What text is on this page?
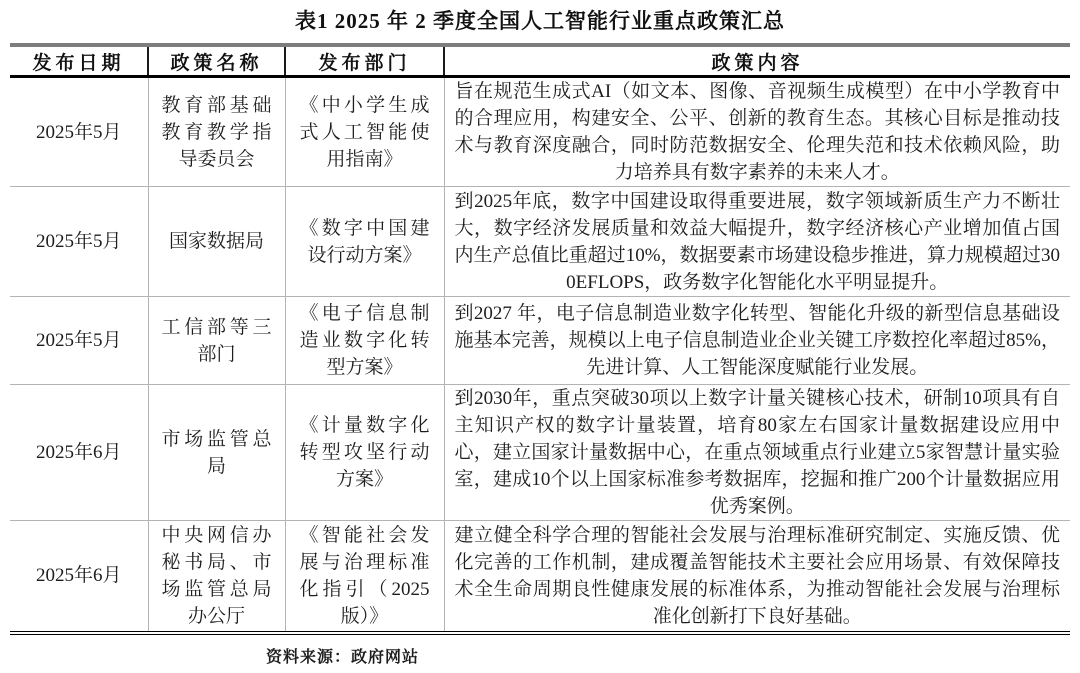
表1 2025 年 2 季度全国人工智能行业重点政策汇总
发布日期	政策名称	发布部门	政策内容
2025年5月	教育部基础教育教学指导委员会	《中小学生成式人工智能使用指南》	旨在规范生成式AI（如文本、图像、音视频生成模型）在中小学教育中的合理应用，构建安全、公平、创新的教育生态。其核心目标是推动技术与教育深度融合，同时防范数据安全、伦理失范和技术依赖风险，助力培养具有数字素养的未来人才。
2025年5月	国家数据局	《数字中国建设行动方案》	到2025年底，数字中国建设取得重要进展，数字领域新质生产力不断壮大，数字经济发展质量和效益大幅提升，数字经济核心产业增加值占国内生产总值比重超过10%，数据要素市场建设稳步推进，算力规模超过300EFLOPS，政务数字化智能化水平明显提升。
2025年5月	工信部等三部门	《电子信息制造业数字化转型方案》	到2027 年，电子信息制造业数字化转型、智能化升级的新型信息基础设施基本完善，规模以上电子信息制造业企业关键工序数控化率超过85%，先进计算、人工智能深度赋能行业发展。
2025年6月	市场监管总局	《计量数字化转型攻坚行动方案》	到2030年，重点突破30项以上数字计量关键核心技术，研制10项具有自主知识产权的数字计量装置，培育80家左右国家计量数据建设应用中心，建立国家计量数据中心，在重点领域重点行业建立5家智慧计量实验室，建成10个以上国家标准参考数据库，挖掘和推广200个计量数据应用优秀案例。
2025年6月	中央网信办秘书局、市场监管总局办公厅	《智能社会发展与治理标准化指引（2025版）》	建立健全科学合理的智能社会发展与治理标准研究制定、实施反馈、优化完善的工作机制，建成覆盖智能技术主要社会应用场景、有效保障技术全生命周期良性健康发展的标准体系，为推动智能社会发展与治理标准化创新打下良好基础。
资料来源：政府网站
